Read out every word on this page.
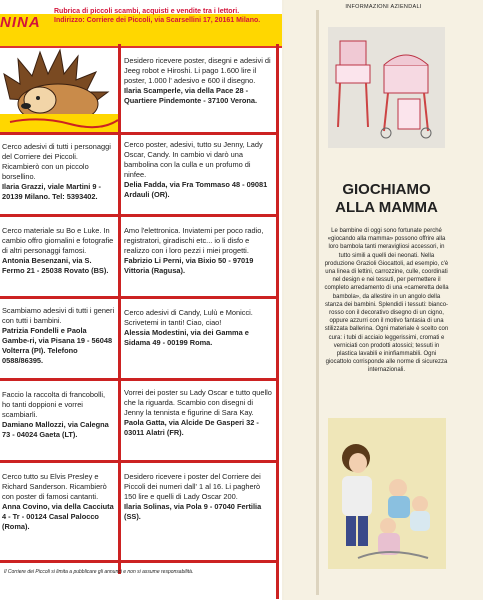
NINA
Rubrica di piccoli scambi, acquisti e vendite tra i lettori.
Indirizzo: Corriere dei Piccoli, via Scarsellini 17, 20161 Milano.
Desidero ricevere poster, disegni e adesivi di Jeeg robot e Hiroshi. Li pago 1.600 lire il poster, 1.000 l' adesivo e 600 il disegno.
Ilaria Scamperle, via della Pace 28 - Quartiere Pindemonte - 37100 Verona.
Cerco adesivi di tutti i personaggi del Corriere dei Piccoli. Ricambierò con un piccolo borsellino.
Ilaria Grazzi, viale Martini 9 - 20139 Milano. Tel: 5393402.
Cerco poster, adesivi, tutto su Jenny, Lady Oscar, Candy. In cambio vi darò una bambolina con la culla e un profumo di ninfee.
Delia Fadda, via Fra Tommaso 48 - 09081 Ardauli (OR).
Cerco materiale su Bo e Luke. In cambio offro giornalini e fotografie di altri personaggi famosi.
Antonia Besenzani, via S. Fermo 21 - 25038 Rovato (BS).
Amo l'elettronica. Inviatemi per poco radio, registratori, giradischi etc... io li disfo e realizzo con i loro pezzi i miei progetti.
Fabrizio Li Perni, via Bixio 50 - 97019 Vittoria (Ragusa).
Scambiamo adesivi di tutti i generi con tutti i bambini.
Patrizia Fondelli e Paola Gambe-ri, via Pisana 19 - 56048 Volterra (PI). Telefono 0588/86395.
Cerco adesivi di Candy, Lulù e Monicci. Scrivetemi in tanti! Ciao, ciao!
Alessia Modestini, via dei Gamma e Sidama 49 - 00199 Roma.
Faccio la raccolta di francobolli, ho tanti doppioni e vorrei scambiarli.
Damiano Mallozzi, via Calegna 73 - 04024 Gaeta (LT).
Vorrei dei poster su Lady Oscar e tutto quello che la riguarda. Scambio con disegni di Jenny la tennista e figurine di Sara Kay.
Paola Gatta, via Alcide De Gasperi 32 - 03011 Alatri (FR).
Cerco tutto su Elvis Presley e Richard Sanderson. Ricambierò con poster di famosi cantanti.
Anna Covino, via della Cacciuta 4 - Tr - 00124 Casal Palocco (Roma).
Desidero ricevere i poster del Corriere dei Piccoli dei numeri dall' 1 al 16. Li pagherò 150 lire e quelli di Lady Oscar 200.
Ilaria Solinas, via Pola 9 - 07040 Fertilia (SS).
Il Corriere dei Piccoli si limita a pubblicare gli annunci e non si assume responsabilità.
INFORMAZIONI AZIENDALI
GIOCHIAMO
ALLA MAMMA
Le bambine di oggi sono fortunate perché «giocando alla mamma» possono offrire alla loro bambola tanti meravigliosi accessori, in tutto simili a quelli dei neonati. Nella produzione Grazioli Giocattoli, ad esempio, c'è una linea di lettini, carrozzine, culle, coordinati nel design e nei tessuti, per permettere il completo arredamento di una «cameretta della bambola», da allestire in un angolo della stanza dei bambini. Splendidi i tessuti: bianco-rosso con il decorativo disegno di un cigno, oppure azzurri con il motivo fantasia di una stilizzata ballerina. Ogni materiale è scelto con cura: i tubi di acciaio leggerissimi, cromati e verniciati con prodotti atossici; tessuti in plastica lavabili e ininfiammabili. Ogni giocattolo corrisponde alle norme di sicurezza internazionali.
